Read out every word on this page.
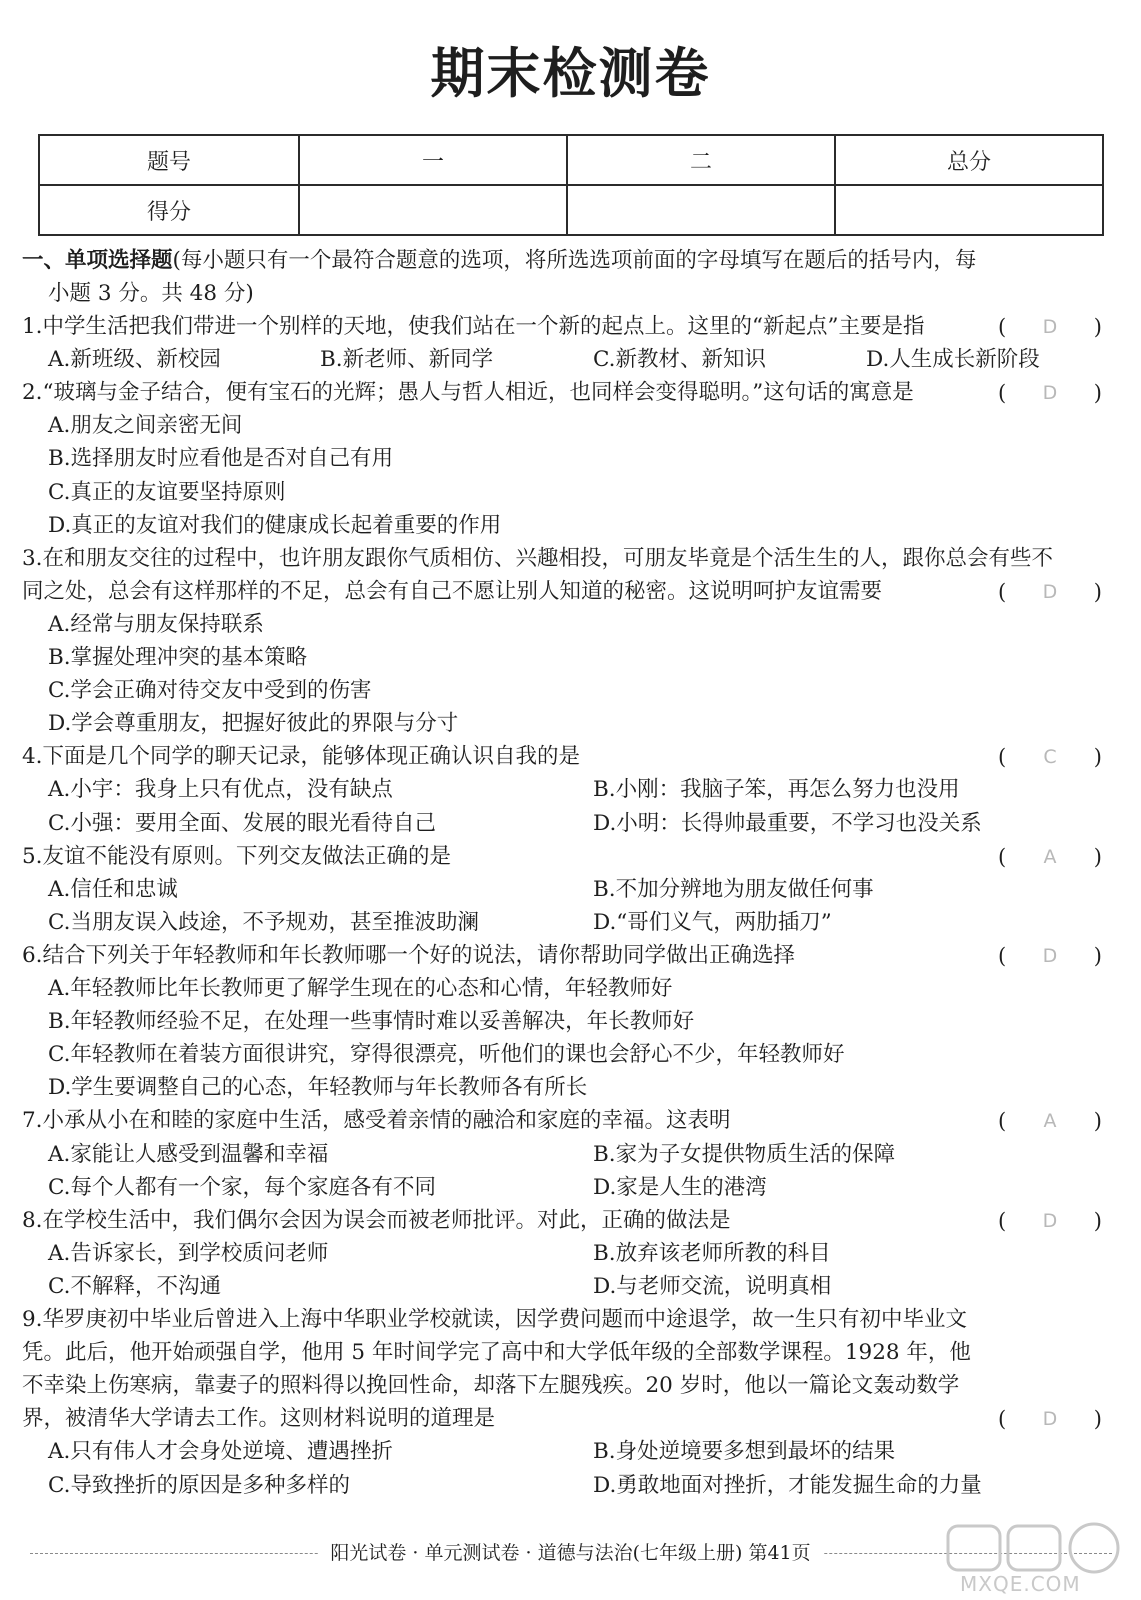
期末检测卷
题号	一	二	总分
得分			
一、单项选择题(每小题只有一个最符合题意的选项，将所选选项前面的字母填写在题后的括号内，每
小题 3 分。共 48 分)
1.中学生活把我们带进一个别样的天地，使我们站在一个新的起点上。这里的“新起点”主要是指	( D )
A.新班级、新校园	B.新老师、新同学	C.新教材、新知识	D.人生成长新阶段
2.“玻璃与金子结合，便有宝石的光辉；愚人与哲人相近，也同样会变得聪明。”这句话的寓意是	( D )
A.朋友之间亲密无间
B.选择朋友时应看他是否对自己有用
C.真正的友谊要坚持原则
D.真正的友谊对我们的健康成长起着重要的作用
3.在和朋友交往的过程中，也许朋友跟你气质相仿、兴趣相投，可朋友毕竟是个活生生的人，跟你总会有些不
同之处，总会有这样那样的不足，总会有自己不愿让别人知道的秘密。这说明呵护友谊需要	( D )
A.经常与朋友保持联系
B.掌握处理冲突的基本策略
C.学会正确对待交友中受到的伤害
D.学会尊重朋友，把握好彼此的界限与分寸
4.下面是几个同学的聊天记录，能够体现正确认识自我的是	( C )
A.小宇：我身上只有优点，没有缺点	B.小刚：我脑子笨，再怎么努力也没用
C.小强：要用全面、发展的眼光看待自己	D.小明：长得帅最重要，不学习也没关系
5.友谊不能没有原则。下列交友做法正确的是	( A )
A.信任和忠诚	B.不加分辨地为朋友做任何事
C.当朋友误入歧途，不予规劝，甚至推波助澜	D.“哥们义气，两肋插刀”
6.结合下列关于年轻教师和年长教师哪一个好的说法，请你帮助同学做出正确选择	( D )
A.年轻教师比年长教师更了解学生现在的心态和心情，年轻教师好
B.年轻教师经验不足，在处理一些事情时难以妥善解决，年长教师好
C.年轻教师在着装方面很讲究，穿得很漂亮，听他们的课也会舒心不少，年轻教师好
D.学生要调整自己的心态，年轻教师与年长教师各有所长
7.小承从小在和睦的家庭中生活，感受着亲情的融洽和家庭的幸福。这表明	( A )
A.家能让人感受到温馨和幸福	B.家为子女提供物质生活的保障
C.每个人都有一个家，每个家庭各有不同	D.家是人生的港湾
8.在学校生活中，我们偶尔会因为误会而被老师批评。对此，正确的做法是	( D )
A.告诉家长，到学校质问老师	B.放弃该老师所教的科目
C.不解释，不沟通	D.与老师交流，说明真相
9.华罗庚初中毕业后曾进入上海中华职业学校就读，因学费问题而中途退学，故一生只有初中毕业文
凭。此后，他开始顽强自学，他用 5 年时间学完了高中和大学低年级的全部数学课程。1928 年，他
不幸染上伤寒病，靠妻子的照料得以挽回性命，却落下左腿残疾。20 岁时，他以一篇论文轰动数学
界，被清华大学请去工作。这则材料说明的道理是	( D )
A.只有伟人才会身处逆境、遭遇挫折	B.身处逆境要多想到最坏的结果
C.导致挫折的原因是多种多样的	D.勇敢地面对挫折，才能发掘生命的力量
阳光试卷 · 单元测试卷 · 道德与法治(七年级上册) 第41页
MXQE.COM
